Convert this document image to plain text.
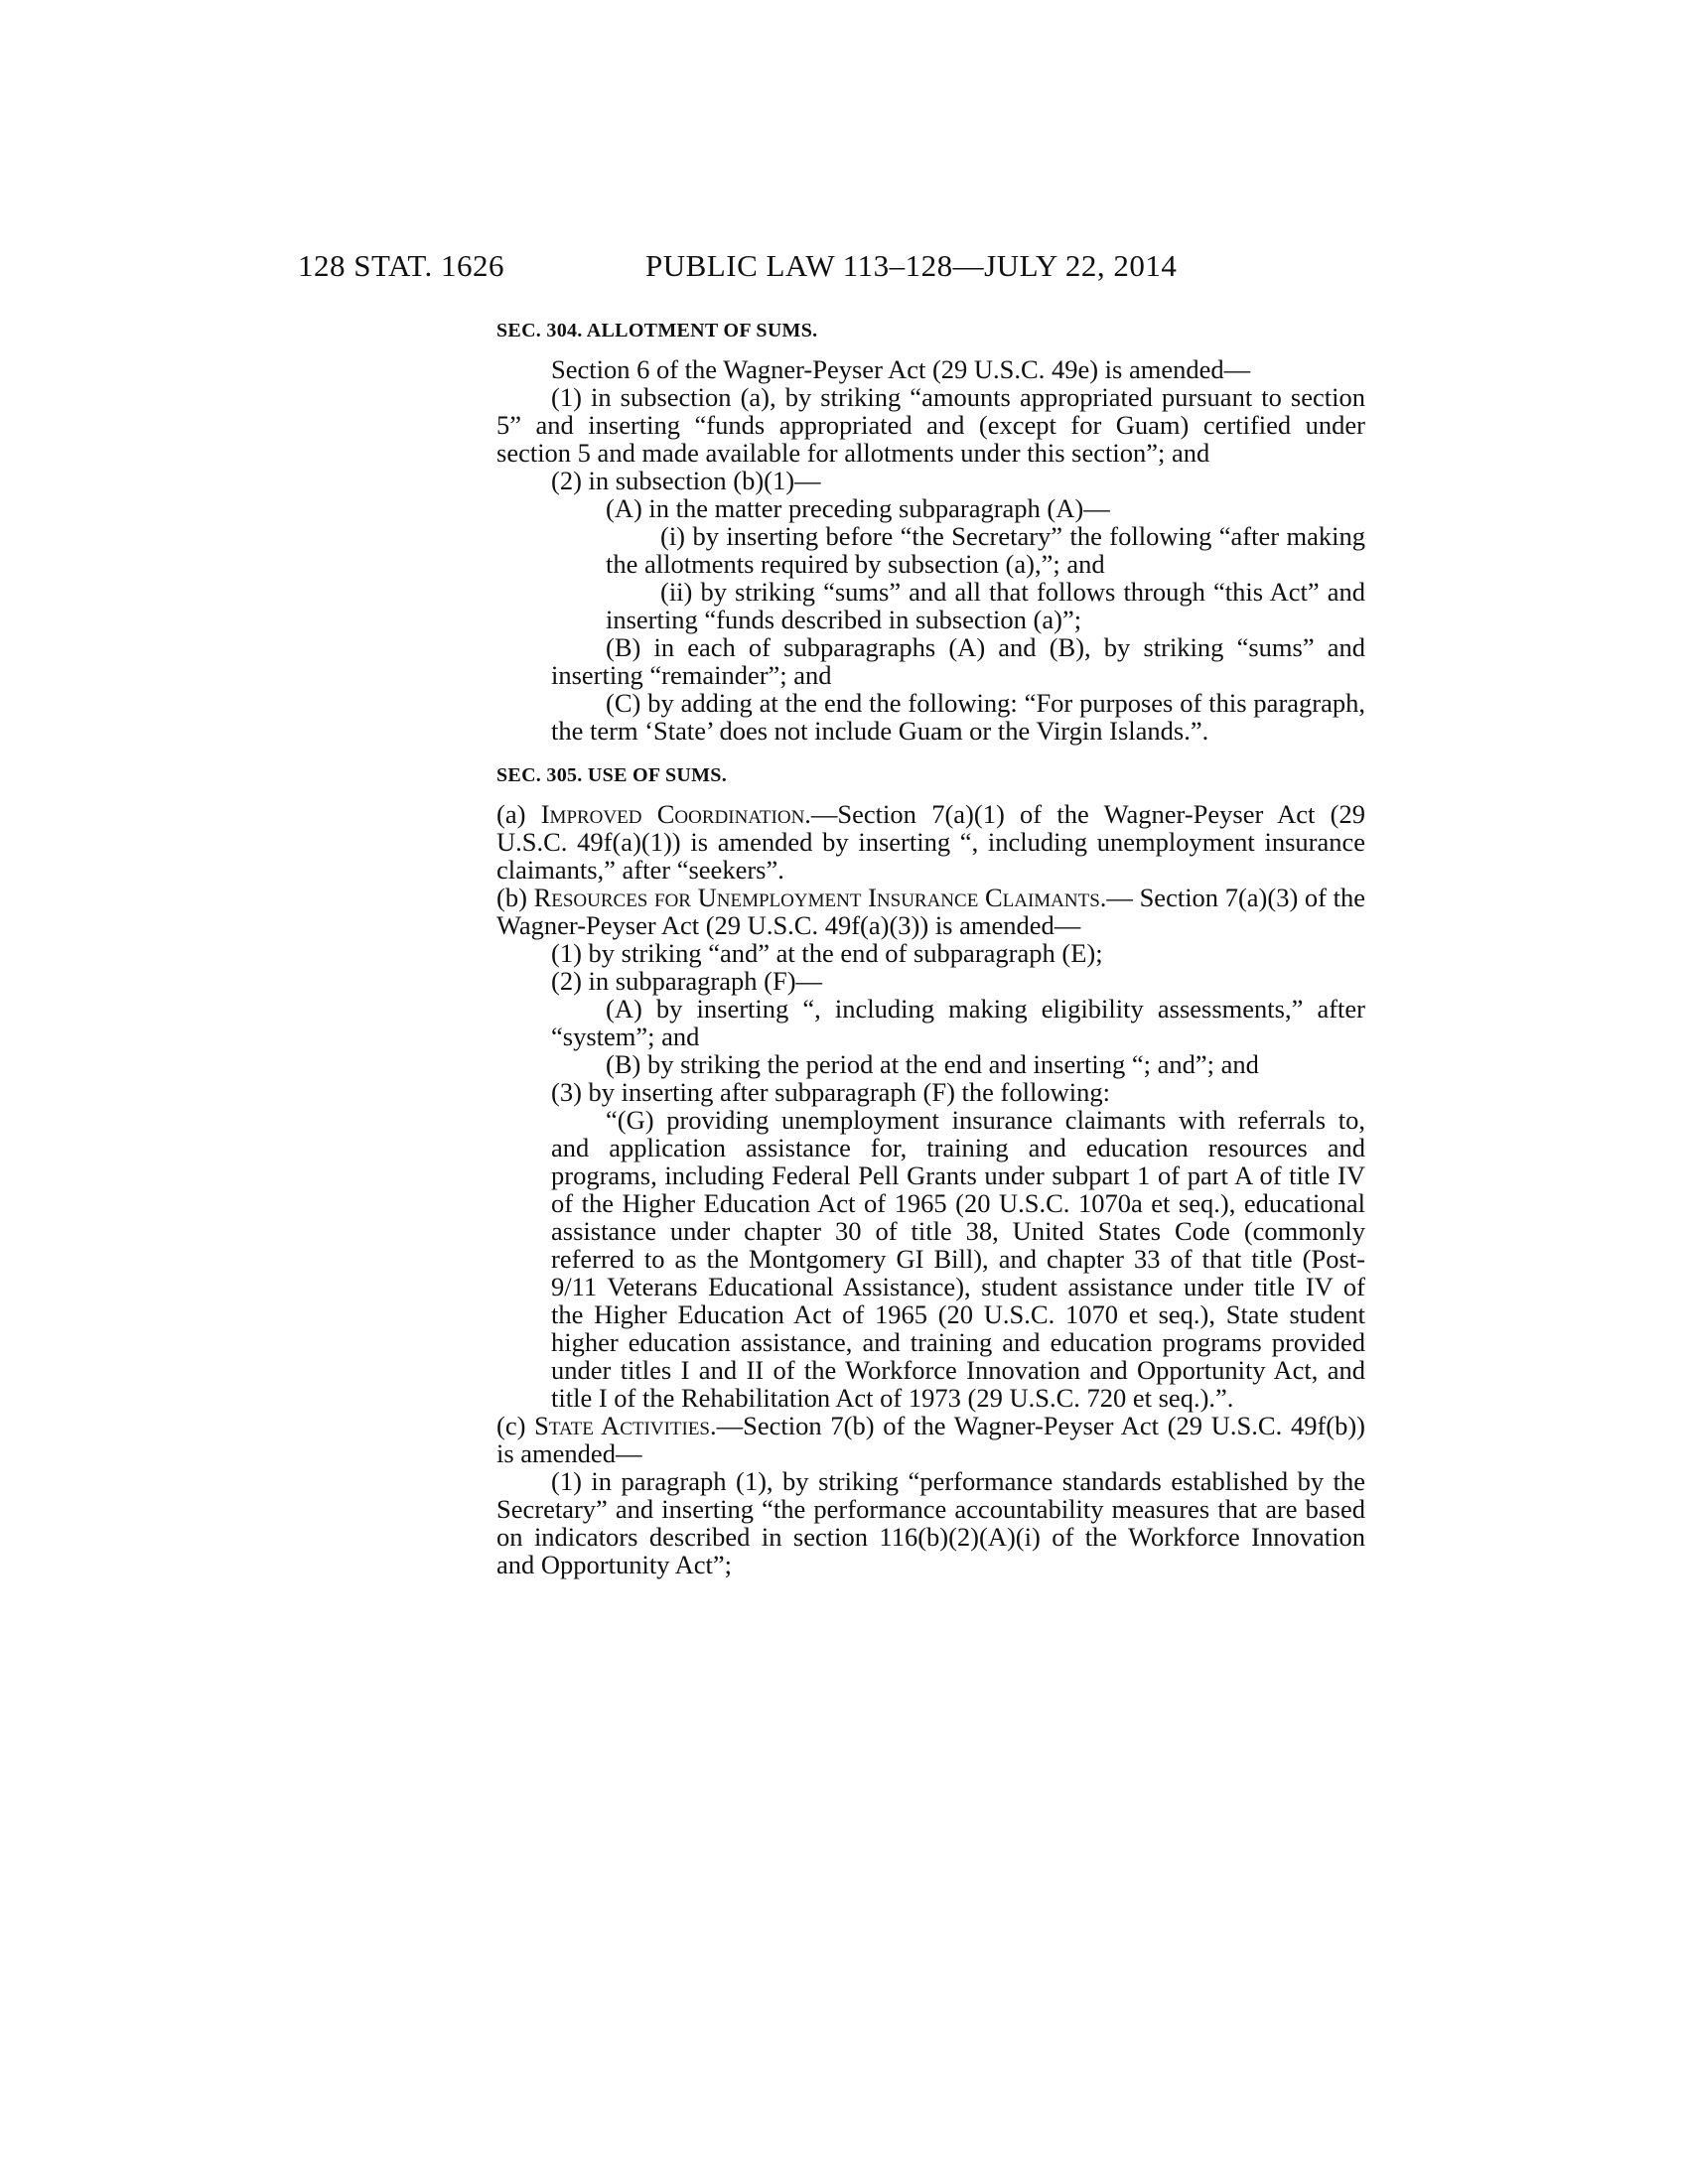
128 STAT. 1626	PUBLIC LAW 113–128—JULY 22, 2014
SEC. 304. ALLOTMENT OF SUMS.

Section 6 of the Wagner-Peyser Act (29 U.S.C. 49e) is amended—

(1) in subsection (a), by striking “amounts appropriated pursuant to section 5” and inserting “funds appropriated and (except for Guam) certified under section 5 and made available for allotments under this section”; and

(2) in subsection (b)(1)—

(A) in the matter preceding subparagraph (A)—

(i) by inserting before “the Secretary” the following “after making the allotments required by subsection (a),”; and

(ii) by striking “sums” and all that follows through “this Act” and inserting “funds described in subsection (a)”;

(B) in each of subparagraphs (A) and (B), by striking “sums” and inserting “remainder”; and

(C) by adding at the end the following: “For purposes of this paragraph, the term ‘State’ does not include Guam or the Virgin Islands.”.

SEC. 305. USE OF SUMS.

(a) Improved Coordination.—Section 7(a)(1) of the Wagner-Peyser Act (29 U.S.C. 49f(a)(1)) is amended by inserting “, including unemployment insurance claimants,” after “seekers”.

(b) Resources for Unemployment Insurance Claimants.— Section 7(a)(3) of the Wagner-Peyser Act (29 U.S.C. 49f(a)(3)) is amended—

(1) by striking “and” at the end of subparagraph (E);

(2) in subparagraph (F)—

(A) by inserting “, including making eligibility assessments,” after “system”; and

(B) by striking the period at the end and inserting “; and”; and

(3) by inserting after subparagraph (F) the following:

“(G) providing unemployment insurance claimants with referrals to, and application assistance for, training and education resources and programs, including Federal Pell Grants under subpart 1 of part A of title IV of the Higher Education Act of 1965 (20 U.S.C. 1070a et seq.), educational assistance under chapter 30 of title 38, United States Code (commonly referred to as the Montgomery GI Bill), and chapter 33 of that title (Post-9/11 Veterans Educational Assistance), student assistance under title IV of the Higher Education Act of 1965 (20 U.S.C. 1070 et seq.), State student higher education assistance, and training and education programs provided under titles I and II of the Workforce Innovation and Opportunity Act, and title I of the Rehabilitation Act of 1973 (29 U.S.C. 720 et seq.).”.

(c) State Activities.—Section 7(b) of the Wagner-Peyser Act (29 U.S.C. 49f(b)) is amended—

(1) in paragraph (1), by striking “performance standards established by the Secretary” and inserting “the performance accountability measures that are based on indicators described in section 116(b)(2)(A)(i) of the Workforce Innovation and Opportunity Act”;
